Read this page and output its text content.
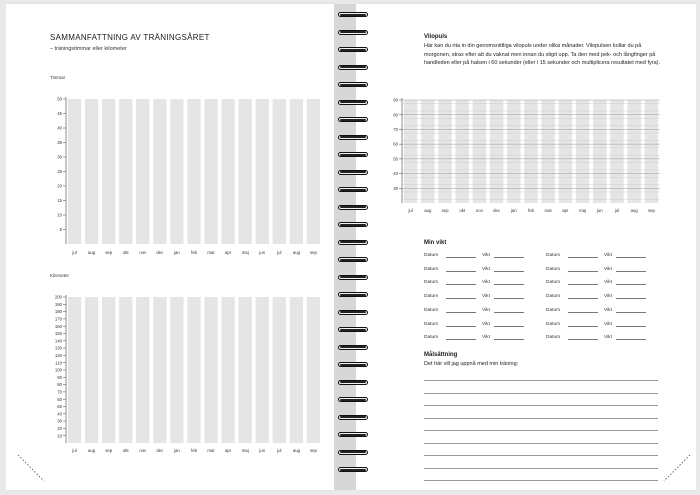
SAMMANFATTNING AV TRÄNINGSÅRET
– träningstimmar eller kilometer
Timmar
5
10
15
20
25
30
35
40
45
50
jul	aug sep okt nov dec jan	feb mar apr maj jun	jul	aug sep
Kilometer
10
20
30
40
50
60
70
80
90
100
110
120
130
140
150
160
170
180
190
200
jul	aug sep okt nov dec jan	feb mar apr maj jun	jul	aug sep
Vilopuls
Här kan du rita in din genomsnittliga vilopuls under olika månader. Vilopulsen kollar du på morgonen, strax efter att du vaknat men innan du stigit upp. Ta den med pek- och långfinger på handleden eller på halsen i 60 sekunder (eller i 15 sekunder och multiplicera resultatet med fyra).
30
40
50
60
70
80
90
jul	aug sep	okt	nov dec	jan	feb mar apr maj	jun	jul	aug sep
Min vikt
Datum	Vikt
Datum	Vikt
Datum	Vikt
Datum	Vikt
Datum	Vikt
Datum	Vikt
Datum	Vikt
Datum	Vikt
Datum	Vikt
Datum	Vikt
Datum	Vikt
Datum	Vikt
Datum	Vikt
Datum	Vikt
Målsättning
Det här vill jag uppnå med min träning:
